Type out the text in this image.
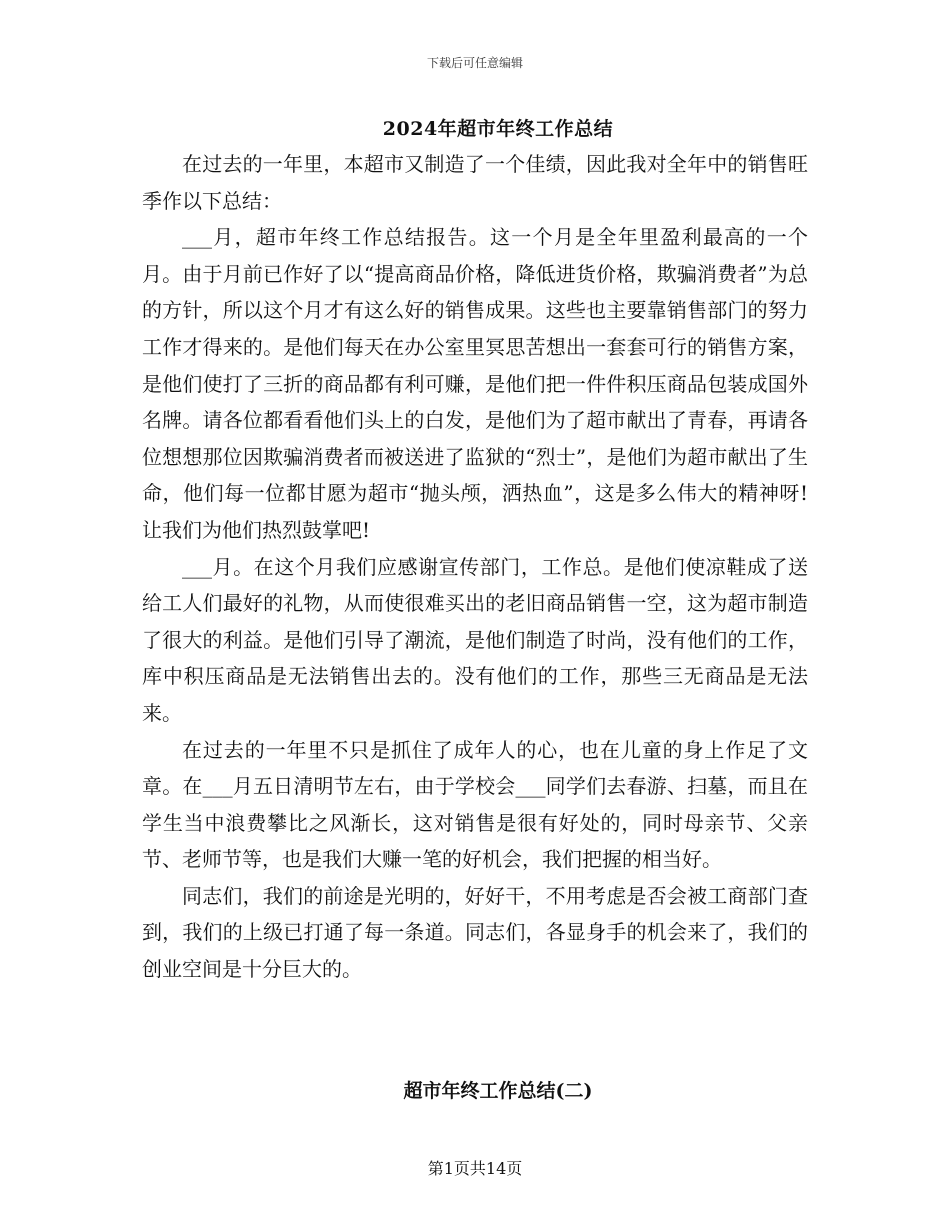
下载后可任意编辑
2024年超市年终工作总结

在过去的一年里，本超市又制造了一个佳绩，因此我对全年中的销售旺季作以下总结：

___月，超市年终工作总结报告。这一个月是全年里盈利最高的一个月。由于月前已作好了以“提高商品价格，降低进货价格，欺骗消费者”为总的方针，所以这个月才有这么好的销售成果。这些也主要靠销售部门的努力工作才得来的。是他们每天在办公室里冥思苦想出一套套可行的销售方案，是他们使打了三折的商品都有利可赚，是他们把一件件积压商品包装成国外名牌。请各位都看看他们头上的白发，是他们为了超市献出了青春，再请各位想想那位因欺骗消费者而被送进了监狱的“烈士”，是他们为超市献出了生命，他们每一位都甘愿为超市“抛头颅，洒热血”，这是多么伟大的精神呀!让我们为他们热烈鼓掌吧!

___月。在这个月我们应感谢宣传部门，工作总。是他们使凉鞋成了送给工人们最好的礼物，从而使很难买出的老旧商品销售一空，这为超市制造了很大的利益。是他们引导了潮流，是他们制造了时尚，没有他们的工作，库中积压商品是无法销售出去的。没有他们的工作，那些三无商品是无法来。

在过去的一年里不只是抓住了成年人的心，也在儿童的身上作足了文章。在___月五日清明节左右，由于学校会___同学们去春游、扫墓，而且在学生当中浪费攀比之风渐长，这对销售是很有好处的，同时母亲节、父亲节、老师节等，也是我们大赚一笔的好机会，我们把握的相当好。

同志们，我们的前途是光明的，好好干，不用考虑是否会被工商部门查到，我们的上级已打通了每一条道。同志们，各显身手的机会来了，我们的创业空间是十分巨大的。

超市年终工作总结(二)
第1页共14页
